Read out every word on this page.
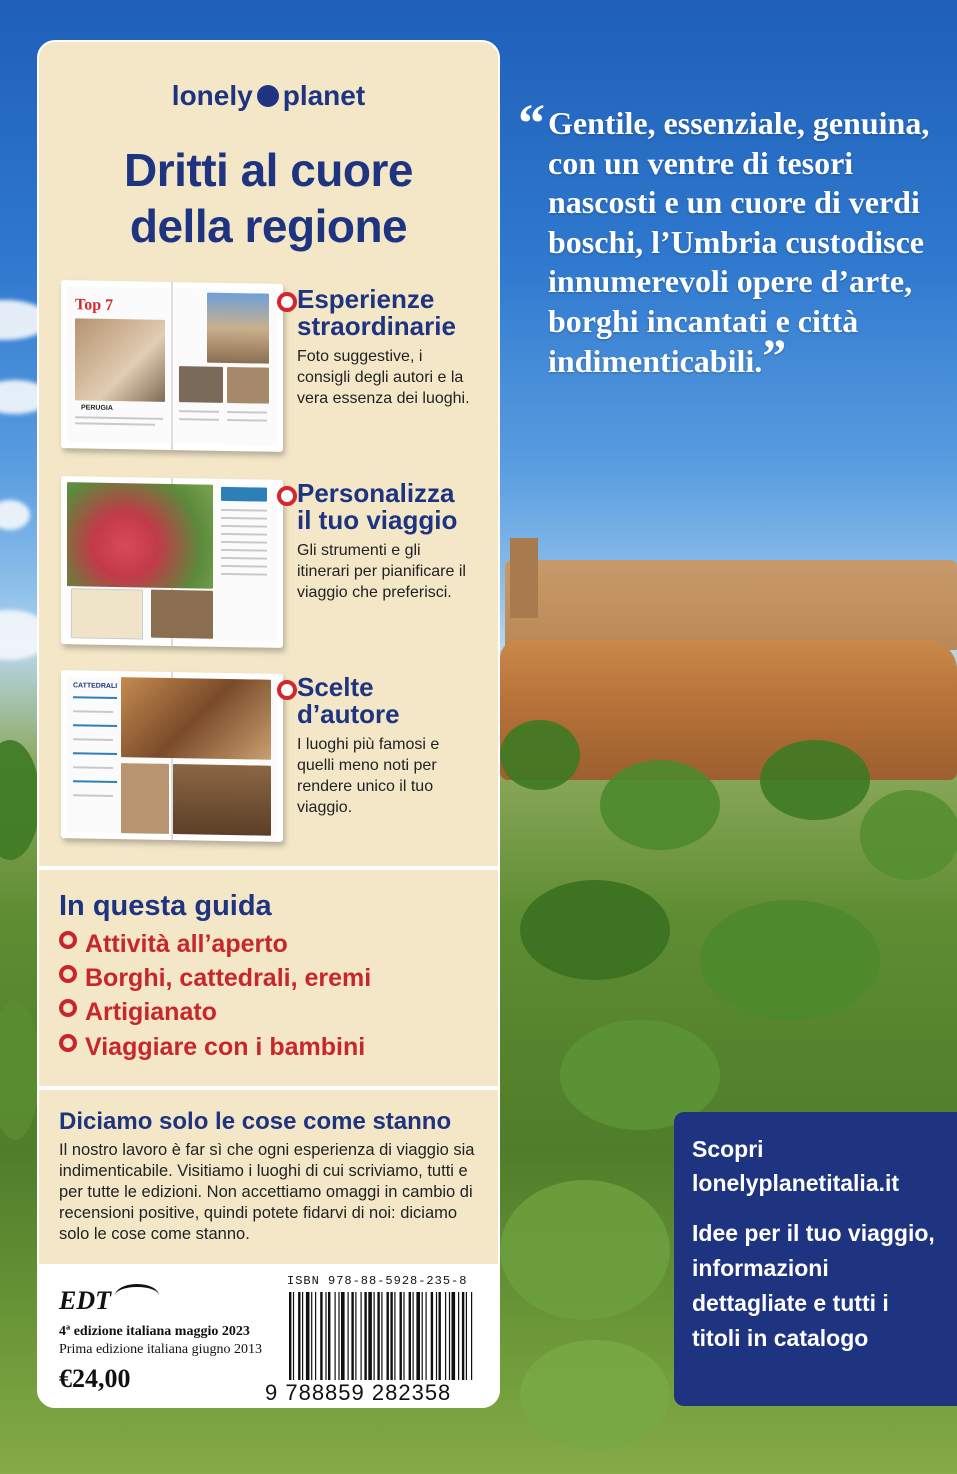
“ Gentile, essenziale, genuina, con un ventre di tesori nascosti e un cuore di verdi boschi, l’Umbria custodisce innumerevoli opere d’arte, borghi incantati e città indimenticabili.”
lonely planet
Dritti al cuore
della regione
Top 7
PERUGIA
Esperienze
straordinarie
Foto suggestive, i consigli degli autori e la vera essenza dei luoghi.
Personalizza
il tuo viaggio
Gli strumenti e gli itinerari per pianificare il viaggio che preferisci.
CATTEDRALI	Scelte
d’autore
I luoghi più famosi e quelli meno noti per rendere unico il tuo viaggio.
In questa guida
Attività all’aperto
Borghi, cattedrali, eremi
Artigianato
Viaggiare con i bambini
Diciamo solo le cose come stanno
Il nostro lavoro è far sì che ogni esperienza di viaggio sia indimenticabile. Visitiamo i luoghi di cui scriviamo, tutti e per tutte le edizioni. Non accettiamo omaggi in cambio di recensioni positive, quindi potete fidarvi di noi: diciamo solo le cose come stanno.
EDT
4ª edizione italiana maggio 2023
Prima edizione italiana giugno 2013
€24,00
ISBN 978-88-5928-235-8
9 788859 282358
Scopri
lonelyplanetitalia.it
Idee per il tuo viaggio, informazioni dettagliate e tutti i titoli in catalogo
